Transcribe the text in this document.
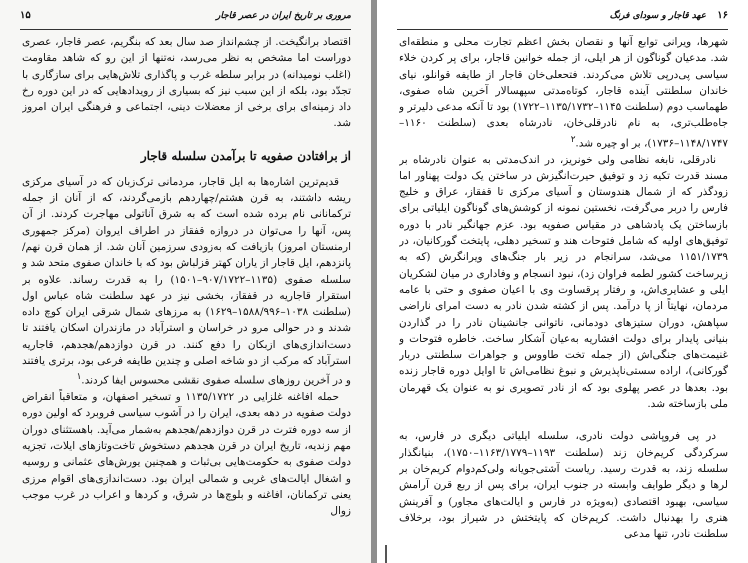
۱۵	مروری بر تاریخ ایران در عصر قاجار

اقتصاد برانگیخت. از چشم‌انداز صد سال بعد که بنگریم، عصر قاجار، عصری دوراست اما مشخص به نظر می‌رسد، نه‌تنها از این رو که شاهد مقاومت (اغلب نومیدانه) در برابر سلطه غرب و پاگذاری تلاش‌هایی برای سازگاری با تجدّد بود، بلکه از این سبب نیز که بسیاری از رویدادهایی که در این دوره رخ داد زمینه‌ای برای برخی از معضلات دینی، اجتماعی و فرهنگی ایران امروز شد.

از برافتادن صفویه تا برآمدن سلسله قاجار

قدیم‌ترین اشاره‌ها به ایل قاجار، مردمانی ترک‌زبان که در آسیای مرکزی ریشه داشتند، به قرن هشتم/چهاردهم بازمی‌گردند، که از آنان از جمله ترکمانانی نام برده شده است که به شرق آناتولی مهاجرت کردند. از آن پس، آنها را می‌توان در دروازه قفقاز در اطراف ایروان (مرکز جمهوری ارمنستان امروز) بازیافت که به‌زودی سرزمین آنان شد. از همان قرن نهم/پانزدهم، ایل قاجار از یاران کهتر قزلباش بود که با خاندان صفوی متحد شد و سلسله صفوی (۱۱۳۵–۹۰۷/۱۷۲۲–۱۵۰۱) را به قدرت رساند. علاوه بر استقرار قاجاریه در قفقاز، بخشی نیز در عهد سلطنت شاه عباس اول (سلطنت ۱۰۳۸–۱۵۸۸/۹۹۶–۱۶۲۹) به مرزهای شمال شرقی ایران کوچ داده شدند و در حوالی مرو در خراسان و استرآباد در مازندران اسکان یافتند تا دست‌اندازی‌های ازبکان را دفع کنند. در قرن دوازدهم/هجدهم، قاجاریه استرآباد که مرکب از دو شاخه اصلی و چندین طایفه فرعی بود، برتری یافتند و در آخرین روزهای سلسله صفوی نقشی محسوس ایفا کردند.$^۱$

حمله افاغنه غلزایی در ۱۱۳۵/۱۷۲۲ و تسخیر اصفهان، و متعاقباً انقراض دولت صفویه در دهه بعدی، ایران را در آشوب سیاسی فروبرد که اولین دوره از سه دوره فترت در قرن دوازدهم/هجدهم به‌شمار می‌آید. باهستثنای دوران مهم زندیه، تاریخ ایران در قرن هجدهم دستخوش تاخت‌وتازهای ایلات، تجزیه دولت صفوی به حکومت‌هایی بی‌ثبات و همچنین یورش‌های عثمانی و روسیه و اشغال ایالت‌های غربی و شمالی ایران بود. دست‌اندازی‌های اقوام مرزی یعنی ترکمانان، افاغنه و بلوچ‌ها در شرق، و کردها و اعراب در غرب موجب زوال

۱۶
عهد قاجار و سودای فرنگ

شهرها، ویرانی توابع آنها و نقصان بخش اعظم تجارت محلی و منطقه‌ای شد. مدعیان گوناگون از هر ایلی، از جمله خوانین قاجار، برای پر کردن خلاء سیاسی پی‌درپی تلاش می‌کردند. فتحعلی‌خان قاجار از طایفه قوانلو، نیای خاندان سلطنتی آینده قاجار، کوتاه‌مدتی سپهسالار آخرین شاه صفوی، طهماسب دوم (سلطنت ۱۱۴۵–۱۱۳۵/۱۷۳۲–۱۷۲۲) بود تا آنکه مدعی دلیرتر و جاه‌طلب‌تری، به نام نادرقلی‌خان، نادرشاه بعدی (سلطنت ۱۱۶۰–۱۱۴۸/۱۷۴۷–۱۷۳۶)، بر او چیره شد.$^۲$

نادرقلی، نابغه نظامی ولی خونریز، در اندک‌مدتی به عنوان نادرشاه بر مسند قدرت تکیه زد و توفیق حیرت‌انگیزش در ساختن یک دولت پهناور اما زودگذر که از شمال هندوستان و آسیای مرکزی تا قفقاز، عراق و خلیج فارس را دربر می‌گرفت، نخستین نمونه از کوشش‌های گوناگون ایلیاتی برای بازساختن یک پادشاهی در مقیاس صفویه بود. عزم جهانگیر نادر با دوره توفیق‌های اولیه که شامل فتوحات هند و تسخیر دهلی، پایتخت گورکانیان، در ۱۱۵۱/۱۷۳۹ می‌شد، سرانجام در زیر بار جنگ‌های ویرانگرش (که به زیرساخت کشور لطمه فراوان زد)، نبود انسجام و وفاداری در میان لشکریان ایلی و عشایری‌اش، و رفتار پرقساوت وی با اعیان صفوی و حتی با عامه مردمان، نهایتاً از پا درآمد. پس از کشته شدن نادر به دست امرای ناراضی سپاهش، دوران ستیزهای دودمانی، ناتوانی جانشینان نادر را در گذاردن بنیانی پایدار برای دولت افشاریه به‌عیان آشکار ساخت. خاطره فتوحات و غنیمت‌های جنگی‌اش (از جمله تخت طاووس و جواهرات سلطنتی دربار گورکانی)، اراده سستی‌ناپذیرش و نبوغ نظامی‌اش تا اوایل دوره قاجار زنده بود. بعدها در عصر پهلوی بود که از نادر تصویری نو به عنوان یک قهرمان ملی بازساخته شد.

در پی فروپاشی دولت نادری، سلسله ایلیاتی دیگری در فارس، به سرکردگی کریم‌خان زند (سلطنت ۱۱۹۳–۱۱۶۳/۱۷۷۹–۱۷۵۰)، بنیانگذار سلسله زند، به قدرت رسید. ریاست آشتی‌جویانه ولی‌کم‌دوام کریم‌خان بر لرها و دیگر طوایف وابسته در جنوب ایران، برای پس از ربع قرن آرامش سیاسی، بهبود اقتصادی (به‌ویژه در فارس و ایالت‌های مجاور) و آفرینش هنری را بهدنبال داشت. کریم‌خان که پایتختش در شیراز بود، برخلاف سلطنت نادر، تنها مدعی
